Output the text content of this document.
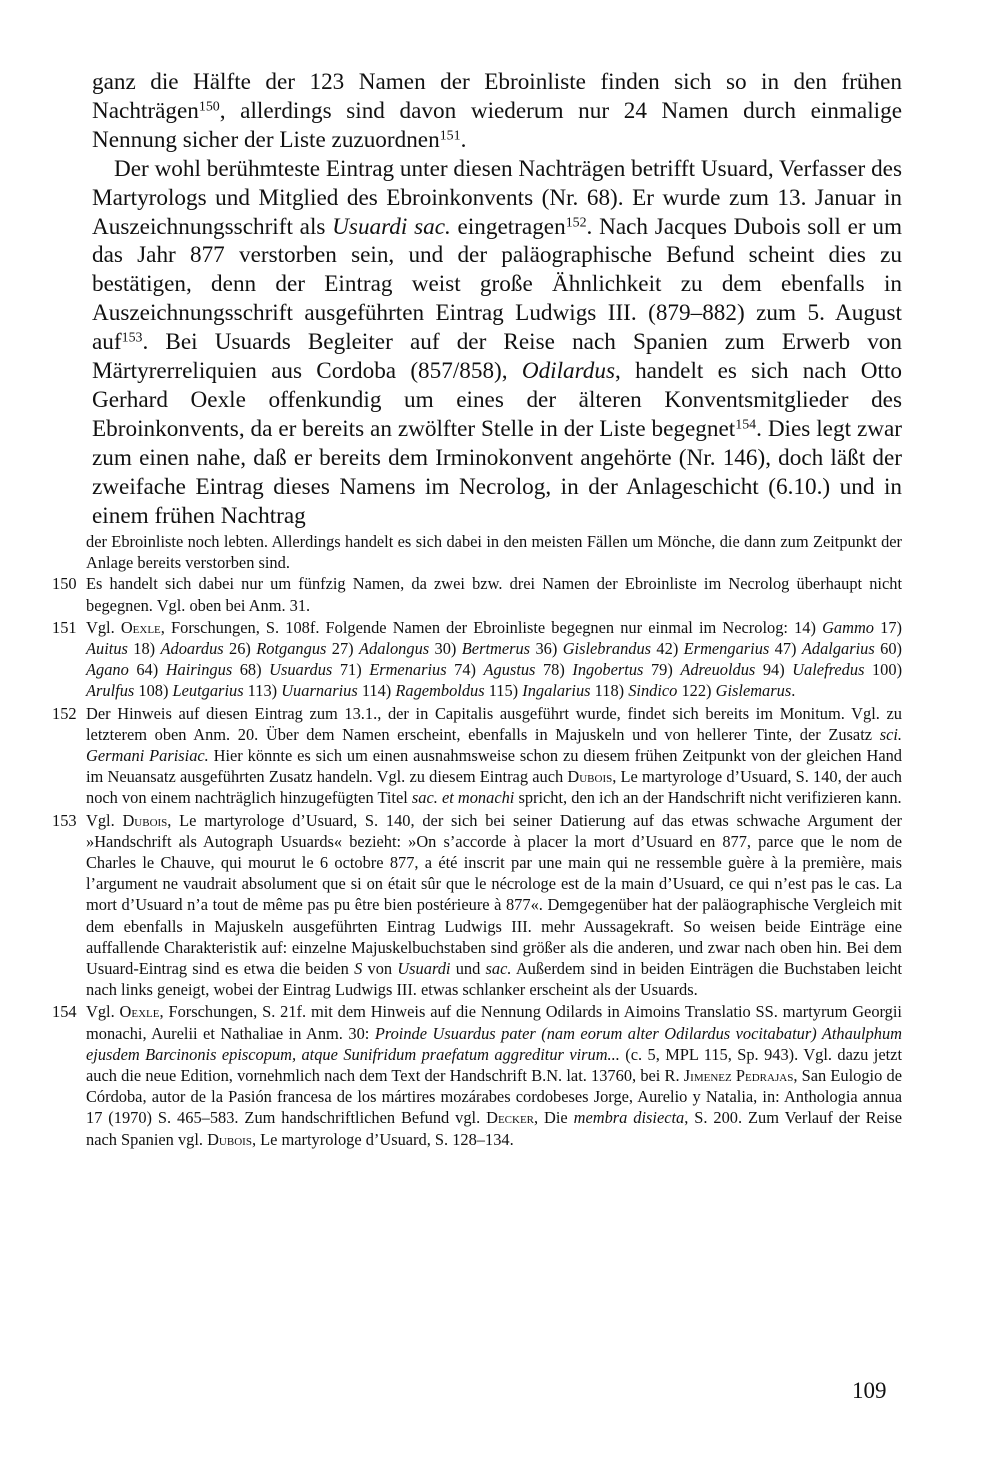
ganz die Hälfte der 123 Namen der Ebroinliste finden sich so in den frühen Nachträgen$^{150}$, allerdings sind davon wiederum nur 24 Namen durch einmalige Nennung sicher der Liste zuzuordnen$^{151}$.

Der wohl berühmteste Eintrag unter diesen Nachträgen betrifft Usuard, Verfasser des Martyrologs und Mitglied des Ebroinkonvents (Nr. 68). Er wurde zum 13. Januar in Auszeichnungsschrift als Usuardi sac. eingetragen$^{152}$. Nach Jacques Dubois soll er um das Jahr 877 verstorben sein, und der paläographische Befund scheint dies zu bestätigen, denn der Eintrag weist große Ähnlichkeit zu dem ebenfalls in Auszeichnungsschrift ausgeführten Eintrag Ludwigs III. (879–882) zum 5. August auf$^{153}$. Bei Usuards Begleiter auf der Reise nach Spanien zum Erwerb von Märtyrerreliquien aus Cordoba (857/858), Odilardus, handelt es sich nach Otto Gerhard Oexle offenkundig um eines der älteren Konventsmitglieder des Ebroinkonvents, da er bereits an zwölfter Stelle in der Liste begegnet$^{154}$. Dies legt zwar zum einen nahe, daß er bereits dem Irminokonvent angehörte (Nr. 146), doch läßt der zweifache Eintrag dieses Namens im Necrolog, in der Anlageschicht (6.10.) und in einem frühen Nachtrag

der Ebroinliste noch lebten. Allerdings handelt es sich dabei in den meisten Fällen um Mönche, die dann zum Zeitpunkt der Anlage bereits verstorben sind.
150 Es handelt sich dabei nur um fünfzig Namen, da zwei bzw. drei Namen der Ebroinliste im Necrolog überhaupt nicht begegnen. Vgl. oben bei Anm. 31.
151 Vgl. Oexle, Forschungen, S. 108f. Folgende Namen der Ebroinliste begegnen nur einmal im Necrolog: 14) Gammo 17) Auitus 18) Adoardus 26) Rotgangus 27) Adalongus 30) Bertmerus 36) Gislebrandus 42) Ermengarius 47) Adalgarius 60) Agano 64) Hairingus 68) Usuardus 71) Ermenarius 74) Agustus 78) Ingobertus 79) Adreuoldus 94) Ualefredus 100) Arulfus 108) Leutgarius 113) Uuarnarius 114) Ragemboldus 115) Ingalarius 118) Sindico 122) Gislemarus.
152 Der Hinweis auf diesen Eintrag zum 13.1., der in Capitalis ausgeführt wurde, findet sich bereits im Monitum. Vgl. zu letzterem oben Anm. 20. Über dem Namen erscheint, ebenfalls in Majuskeln und von hellerer Tinte, der Zusatz sci. Germani Parisiac. Hier könnte es sich um einen ausnahmsweise schon zu diesem frühen Zeitpunkt von der gleichen Hand im Neuansatz ausgeführten Zusatz handeln. Vgl. zu diesem Eintrag auch Dubois, Le martyrologe d’Usuard, S. 140, der auch noch von einem nachträglich hinzugefügten Titel sac. et monachi spricht, den ich an der Handschrift nicht verifizieren kann.
153 Vgl. Dubois, Le martyrologe d’Usuard, S. 140, der sich bei seiner Datierung auf das etwas schwache Argument der »Handschrift als Autograph Usuards« bezieht: »On s’accorde à placer la mort d’Usuard en 877, parce que le nom de Charles le Chauve, qui mourut le 6 octobre 877, a été inscrit par une main qui ne ressemble guère à la première, mais l’argument ne vaudrait absolument que si on était sûr que le nécrologe est de la main d’Usuard, ce qui n’est pas le cas. La mort d’Usuard n’a tout de même pas pu être bien postérieure à 877«. Demgegenüber hat der paläographische Vergleich mit dem ebenfalls in Majuskeln ausgeführten Eintrag Ludwigs III. mehr Aussagekraft. So weisen beide Einträge eine auffallende Charakteristik auf: einzelne Majuskelbuchstaben sind größer als die anderen, und zwar nach oben hin. Bei dem Usuard-Eintrag sind es etwa die beiden S von Usuardi und sac. Außerdem sind in beiden Einträgen die Buchstaben leicht nach links geneigt, wobei der Eintrag Ludwigs III. etwas schlanker erscheint als der Usuards.
154 Vgl. Oexle, Forschungen, S. 21f. mit dem Hinweis auf die Nennung Odilards in Aimoins Translatio SS. martyrum Georgii monachi, Aurelii et Nathaliae in Anm. 30: Proinde Usuardus pater (nam eorum alter Odilardus vocitabatur) Athaulphum ejusdem Barcinonis episcopum, atque Sunifridum praefatum aggreditur virum... (c. 5, MPL 115, Sp. 943). Vgl. dazu jetzt auch die neue Edition, vornehmlich nach dem Text der Handschrift B.N. lat. 13760, bei R. Jimenez Pedrajas, San Eulogio de Córdoba, autor de la Pasión francesa de los mártires mozárabes cordobeses Jorge, Aurelio y Natalia, in: Anthologia annua 17 (1970) S. 465–583. Zum handschriftlichen Befund vgl. Decker, Die membra disiecta, S. 200. Zum Verlauf der Reise nach Spanien vgl. Dubois, Le martyrologe d’Usuard, S. 128–134.
109
